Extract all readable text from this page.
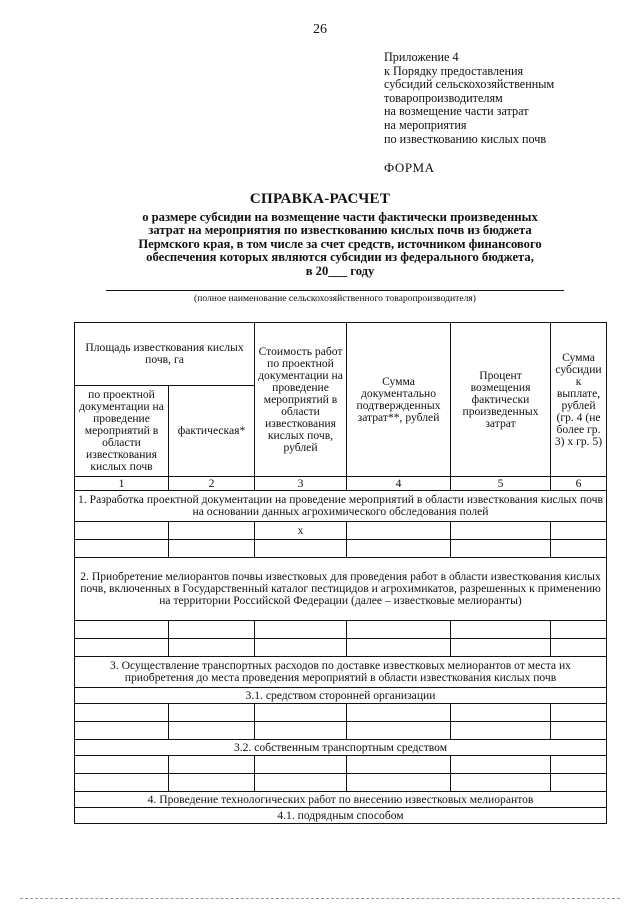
26
Приложение 4
к Порядку предоставления
субсидий сельскохозяйственным
товаропроизводителям
на возмещение части затрат
на мероприятия
по известкованию кислых почв
ФОРМА
СПРАВКА-РАСЧЕТ
о размере субсидии на возмещение части фактически произведенных
затрат на мероприятия по известкованию кислых почв из бюджета
Пермского края, в том числе за счет средств, источником финансового
обеспечения которых являются субсидии из федерального бюджета,
в 20___ году
(полное наименование сельскохозяйственного товаропроизводителя)
Площадь известкования кислых почв, га		Стоимость работ по проектной документации на проведение мероприятий в области известкования кислых почв, рублей	Сумма документально подтвержденных затрат**, рублей	Процент возмещения фактически произведенных затрат	Сумма субсидии к выплате, рублей (гр. 4 (не более гр. 3) х гр. 5)
по проектной документации на проведение мероприятий в области известкования кислых почв	фактическая*				
1	2	3	4	5	6
1. Разработка проектной документации на проведение мероприятий в области известкования кислых почв на основании данных агрохимического обследования полей					
		х			

2. Приобретение мелиорантов почвы известковых для проведения работ в области известкования кислых почв, включенных в Государственный каталог пестицидов и агрохимикатов, разрешенных к применению на территории Российской Федерации (далее – известковые мелиоранты)					

3. Осуществление транспортных расходов по доставке известковых мелиорантов от места их приобретения до места проведения мероприятий в области известкования кислых почв					
3.1. средством сторонней организации					

3.2. собственным транспортным средством					

4. Проведение технологических работ по внесению известковых мелиорантов					
4.1. подрядным способом					
